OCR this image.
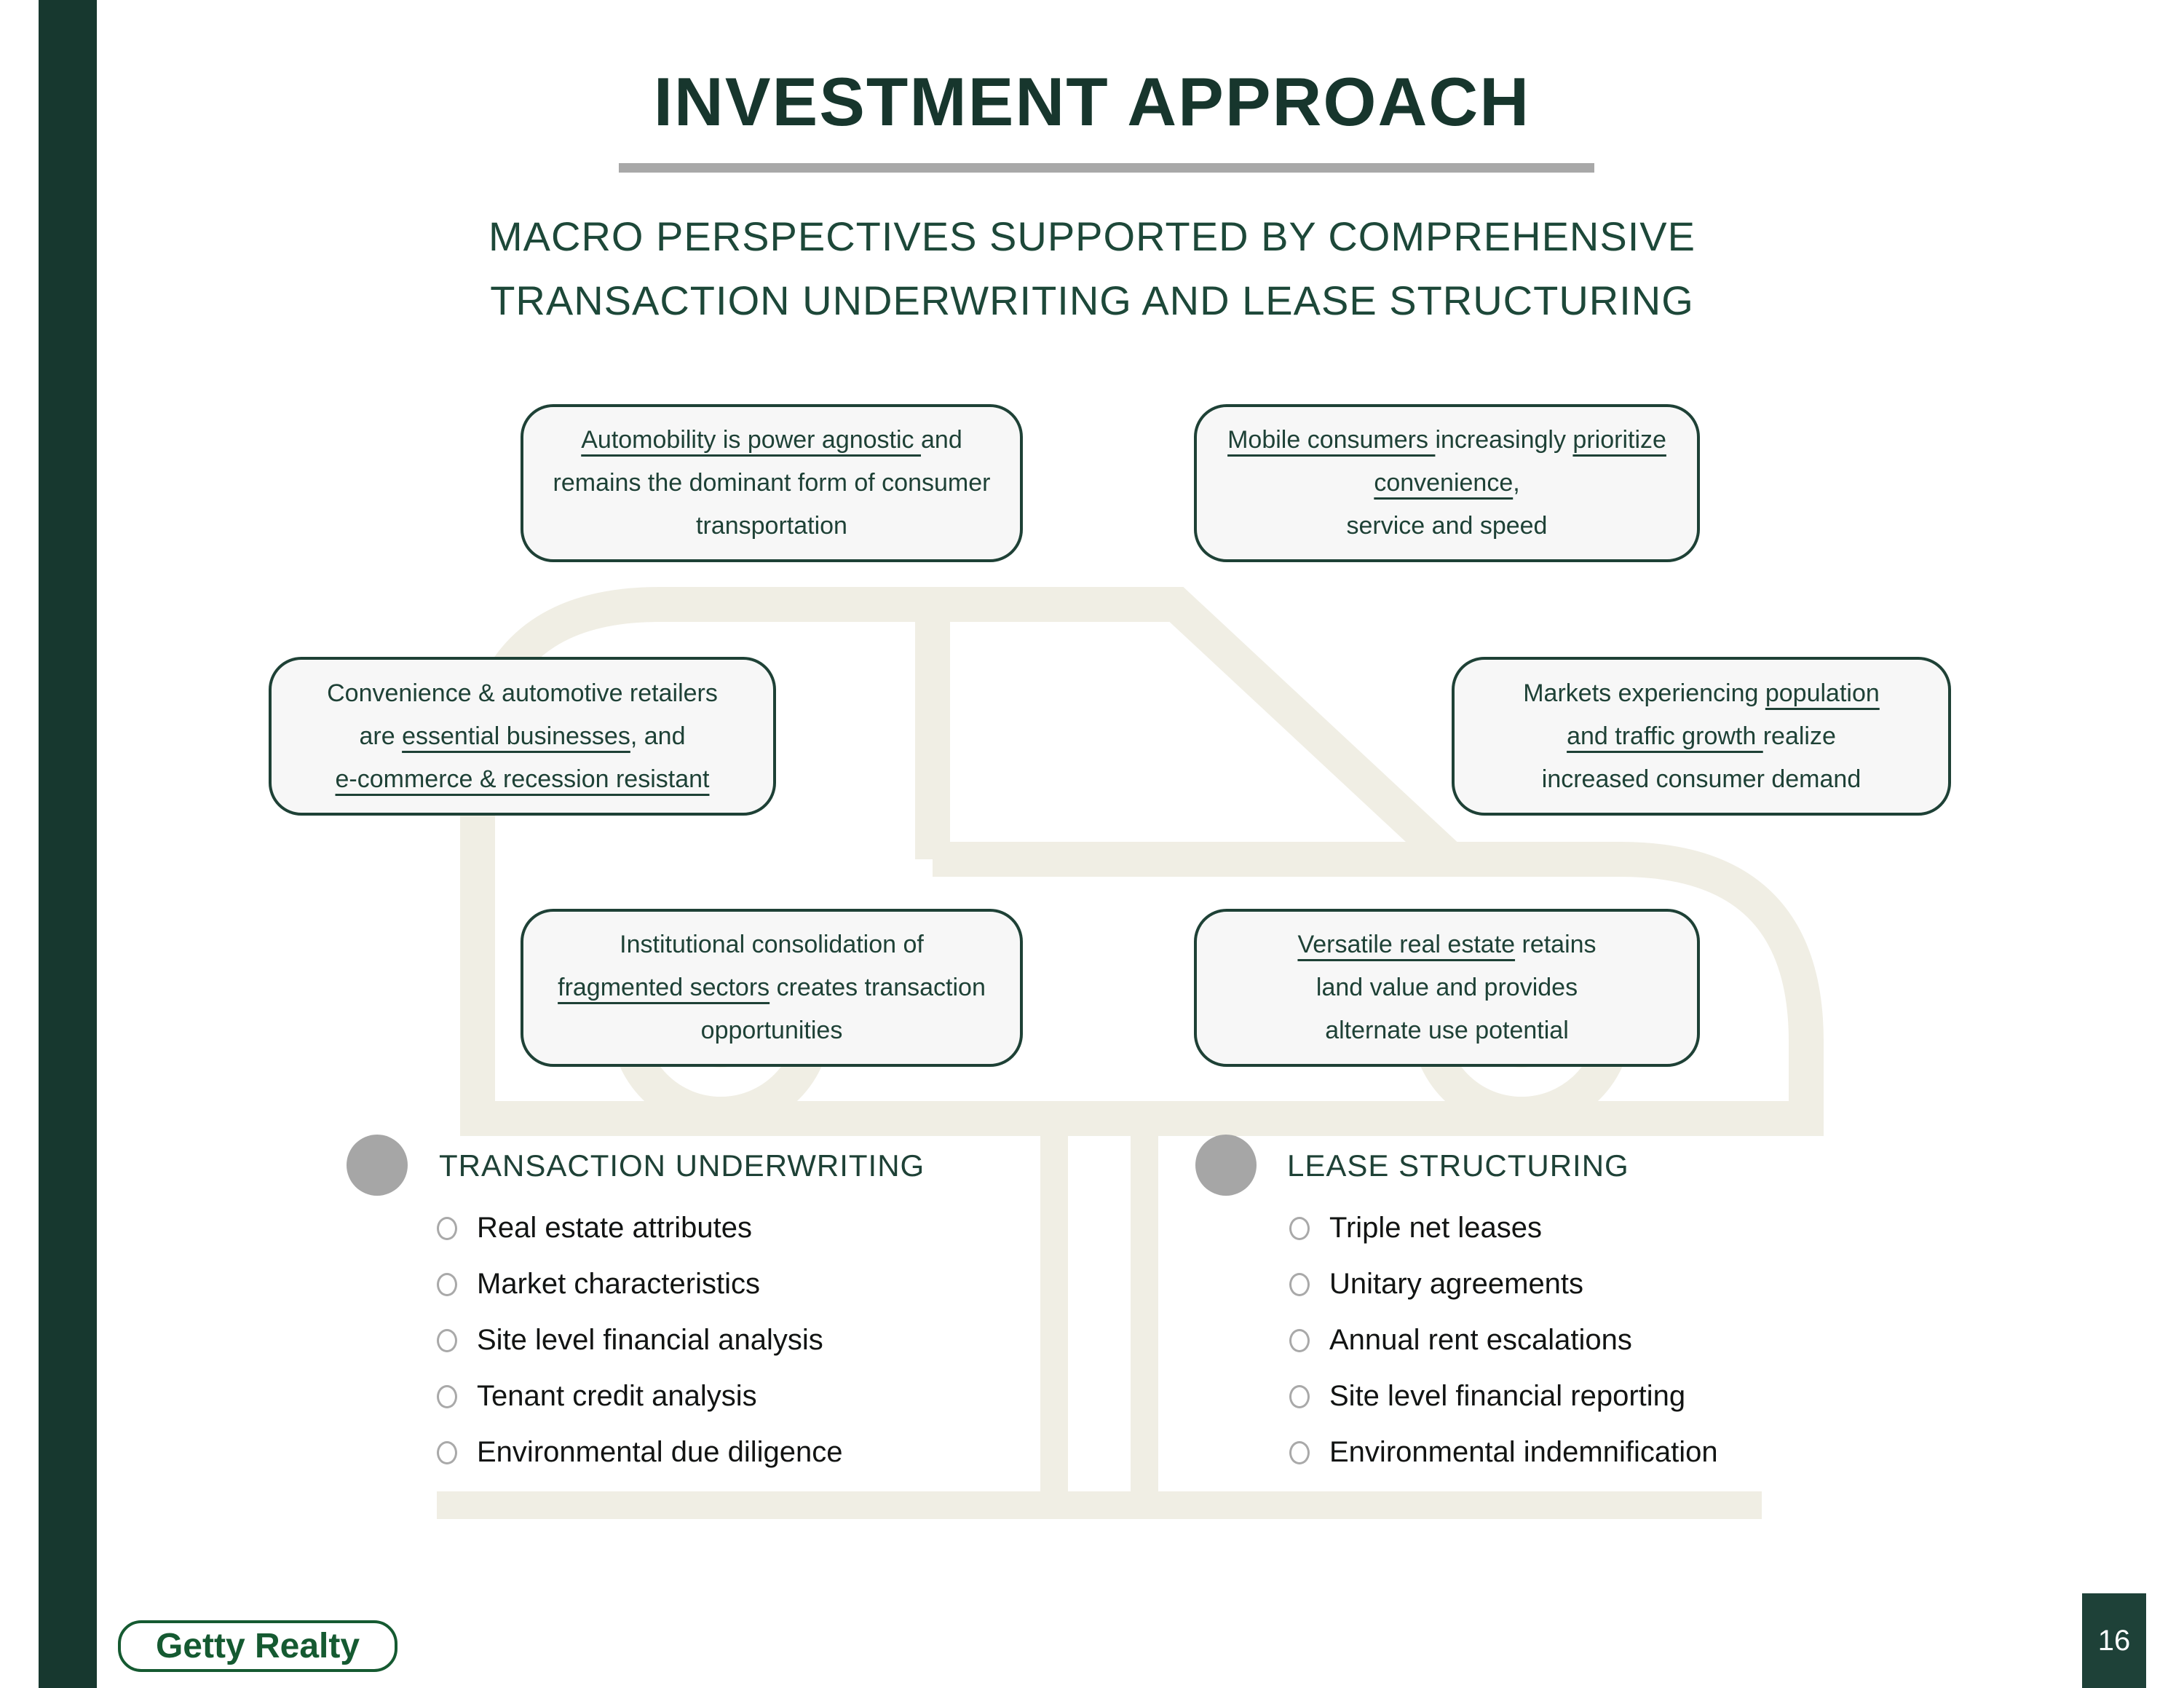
INVESTMENT APPROACH
MACRO PERSPECTIVES SUPPORTED BY COMPREHENSIVE
TRANSACTION UNDERWRITING AND LEASE STRUCTURING
Automobility is power agnostic and
remains the dominant form of consumer
transportation
Mobile consumers increasingly prioritize
convenience,
service and speed
Convenience & automotive retailers
are essential businesses, and
e-commerce & recession resistant
Markets experiencing population
and traffic growth realize
increased consumer demand
Institutional consolidation of
fragmented sectors creates transaction
opportunities
Versatile real estate retains
land value and provides
alternate use potential
TRANSACTION UNDERWRITING
Real estate attributes
Market characteristics
Site level financial analysis
Tenant credit analysis
Environmental due diligence
LEASE STRUCTURING
Triple net leases
Unitary agreements
Annual rent escalations
Site level financial reporting
Environmental indemnification
Getty Realty	16
